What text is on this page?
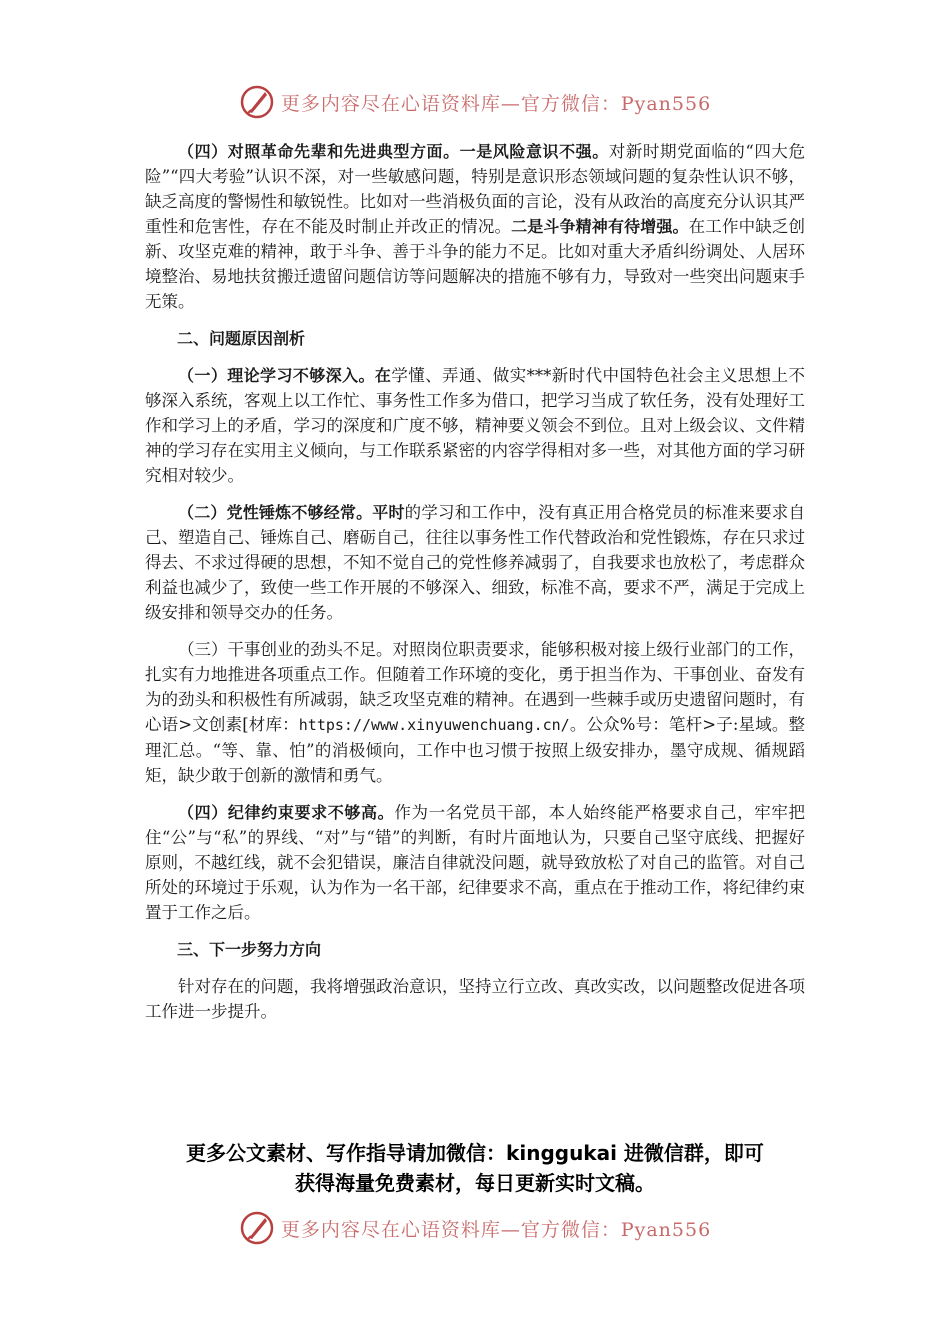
更多内容尽在心语资料库—官方微信：Pyan556

（四）对照革命先辈和先进典型方面。一是风险意识不强。对新时期党面临的“四大危险”“四大考验”认识不深，对一些敏感问题，特别是意识形态领域问题的复杂性认识不够，缺乏高度的警惕性和敏锐性。比如对一些消极负面的言论，没有从政治的高度充分认识其严重性和危害性，存在不能及时制止并改正的情况。二是斗争精神有待增强。在工作中缺乏创新、攻坚克难的精神，敢于斗争、善于斗争的能力不足。比如对重大矛盾纠纷调处、人居环境整治、易地扶贫搬迁遗留问题信访等问题解决的措施不够有力，导致对一些突出问题束手无策。

二、问题原因剖析

（一）理论学习不够深入。在学懂、弄通、做实***新时代中国特色社会主义思想上不够深入系统，客观上以工作忙、事务性工作多为借口，把学习当成了软任务，没有处理好工作和学习上的矛盾，学习的深度和广度不够，精神要义领会不到位。且对上级会议、文件精神的学习存在实用主义倾向，与工作联系紧密的内容学得相对多一些，对其他方面的学习研究相对较少。

（二）党性锤炼不够经常。平时的学习和工作中，没有真正用合格党员的标准来要求自己、塑造自己、锤炼自己、磨砺自己，往往以事务性工作代替政治和党性锻炼，存在只求过得去、不求过得硬的思想，不知不觉自己的党性修养减弱了，自我要求也放松了，考虑群众利益也减少了，致使一些工作开展的不够深入、细致，标准不高，要求不严，满足于完成上级安排和领导交办的任务。

（三）干事创业的劲头不足。对照岗位职责要求，能够积极对接上级行业部门的工作，扎实有力地推进各项重点工作。但随着工作环境的变化，勇于担当作为、干事创业、奋发有为的劲头和积极性有所减弱，缺乏攻坚克难的精神。在遇到一些棘手或历史遗留问题时，有心语>文创素[材库：https://www.xinyuwenchuang.cn/。公众%号：笔杆>子:星域。整理汇总。“等、靠、怕”的消极倾向，工作中也习惯于按照上级安排办，墨守成规、循规蹈矩，缺少敢于创新的激情和勇气。

（四）纪律约束要求不够高。作为一名党员干部，本人始终能严格要求自己，牢牢把住“公”与“私”的界线、“对”与“错”的判断，有时片面地认为，只要自己坚守底线、把握好原则，不越红线，就不会犯错误，廉洁自律就没问题，就导致放松了对自己的监管。对自己所处的环境过于乐观，认为作为一名干部，纪律要求不高，重点在于推动工作，将纪律约束置于工作之后。

三、下一步努力方向

针对存在的问题，我将增强政治意识，坚持立行立改、真改实改，以问题整改促进各项工作进一步提升。

更多公文素材、写作指导请加微信：kinggukai 进微信群，即可
获得海量免费素材，每日更新实时文稿。
更多内容尽在心语资料库—官方微信：Pyan556
